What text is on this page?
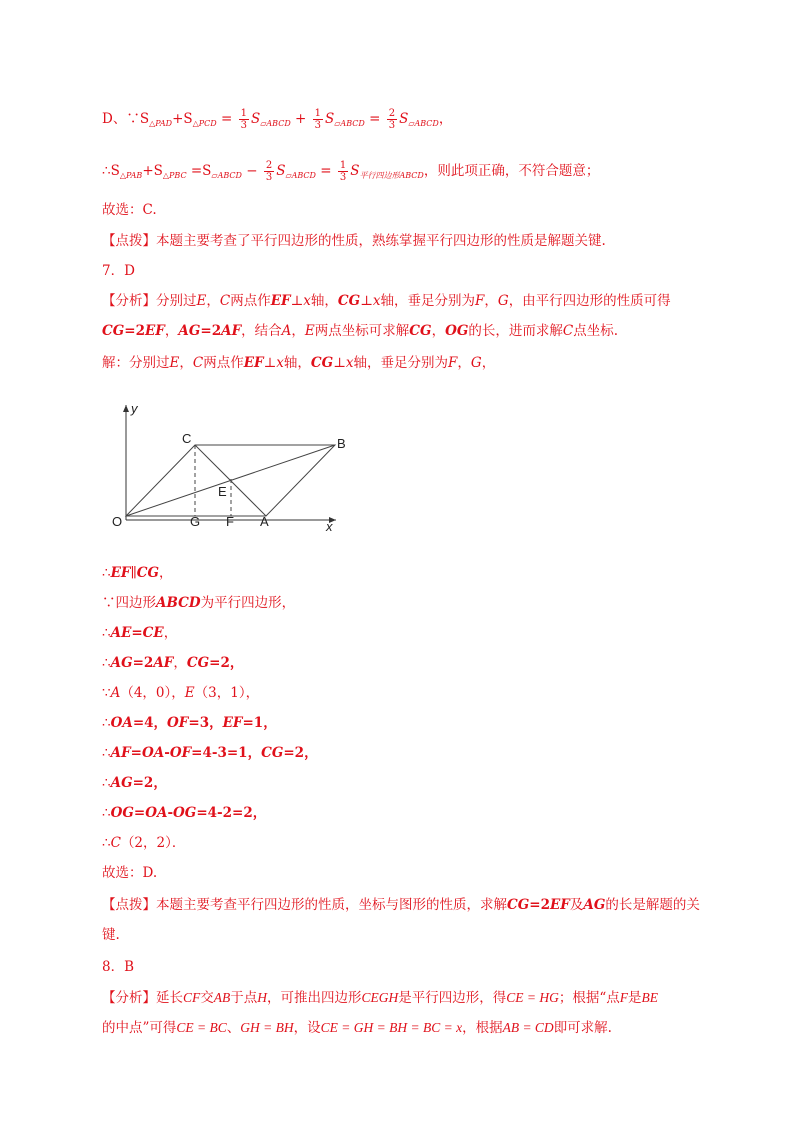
D、$\because S_{\triangle PAD}+S_{\triangle PCD} = \frac{1}{3} S_{▱ABCD} + \frac{1}{3} S_{▱ABCD} = \frac{2}{3} S_{▱ABCD}$，
$\therefore S_{\triangle PAB}+S_{\triangle PBC} =S_{▱ABCD} - \frac{2}{3} S_{▱ABCD} = \frac{1}{3} S_{平行四边形ABCD}$，则此项正确，不符合题意；
故选：C.
【点拨】本题主要考查了平行四边形的性质，熟练掌握平行四边形的性质是解题关键.
7．D
【分析】分别过E，C两点作EF⊥x轴，CG⊥x轴，垂足分别为F，G，由平行四边形的性质可得CG=2EF，AG=2AF，结合A，E两点坐标可求解CG，OG的长，进而求解C点坐标.
解：分别过E，C两点作EF⊥x轴，CG⊥x轴，垂足分别为F，G，
y
x
C	B
E
O	G F A
∴EF∥CG，
∵四边形ABCD为平行四边形，
∴AE=CE，
∴AG=2AF，CG=2，
∵A（4，0），E（3，1），
∴OA=4，OF=3，EF=1，
∴AF=OA-OF=4-3=1，CG=2，
∴AG=2，
∴OG=OA-OG=4-2=2，
∴C（2，2）．
故选：D.
【点拨】本题主要考查平行四边形的性质，坐标与图形的性质，求解CG=2EF及AG的长是解题的关
键.
8．B
【分析】延长CF交AB于点H，可推出四边形CEGH是平行四边形，得CE = HG；根据“点F是BE
的中点”可得CE = BC、GH = BH，设CE = GH = BH = BC = x，根据AB = CD即可求解.
